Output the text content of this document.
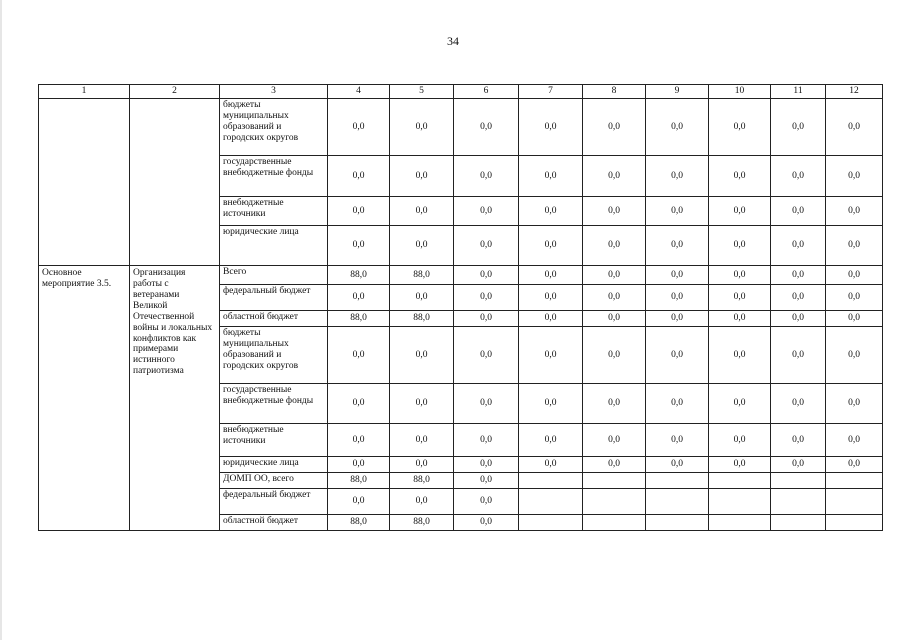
34
1	2	3	4	5	6	7	8	9	10	11	12
		бюджеты муниципальных образований и городских округов	0,0	0,0	0,0	0,0	0,0	0,0	0,0	0,0	0,0
		государственные внебюджетные фонды	0,0	0,0	0,0	0,0	0,0	0,0	0,0	0,0	0,0
		внебюджетные источники	0,0	0,0	0,0	0,0	0,0	0,0	0,0	0,0	0,0
		юридические лица	0,0	0,0	0,0	0,0	0,0	0,0	0,0	0,0	0,0
Основное мероприятие 3.5.	Организация работы с ветеранами Великой Отечественной войны и локальных конфликтов как примерами истинного патриотизма	Всего	88,0	88,0	0,0	0,0	0,0	0,0	0,0	0,0	0,0
		федеральный бюджет	0,0	0,0	0,0	0,0	0,0	0,0	0,0	0,0	0,0
		областной бюджет	88,0	88,0	0,0	0,0	0,0	0,0	0,0	0,0	0,0
		бюджеты муниципальных образований и городских округов	0,0	0,0	0,0	0,0	0,0	0,0	0,0	0,0	0,0
		государственные внебюджетные фонды	0,0	0,0	0,0	0,0	0,0	0,0	0,0	0,0	0,0
		внебюджетные источники	0,0	0,0	0,0	0,0	0,0	0,0	0,0	0,0	0,0
		юридические лица	0,0	0,0	0,0	0,0	0,0	0,0	0,0	0,0	0,0
		ДОМП ОО, всего	88,0	88,0	0,0						
		федеральный бюджет	0,0	0,0	0,0						
		областной бюджет	88,0	88,0	0,0						
